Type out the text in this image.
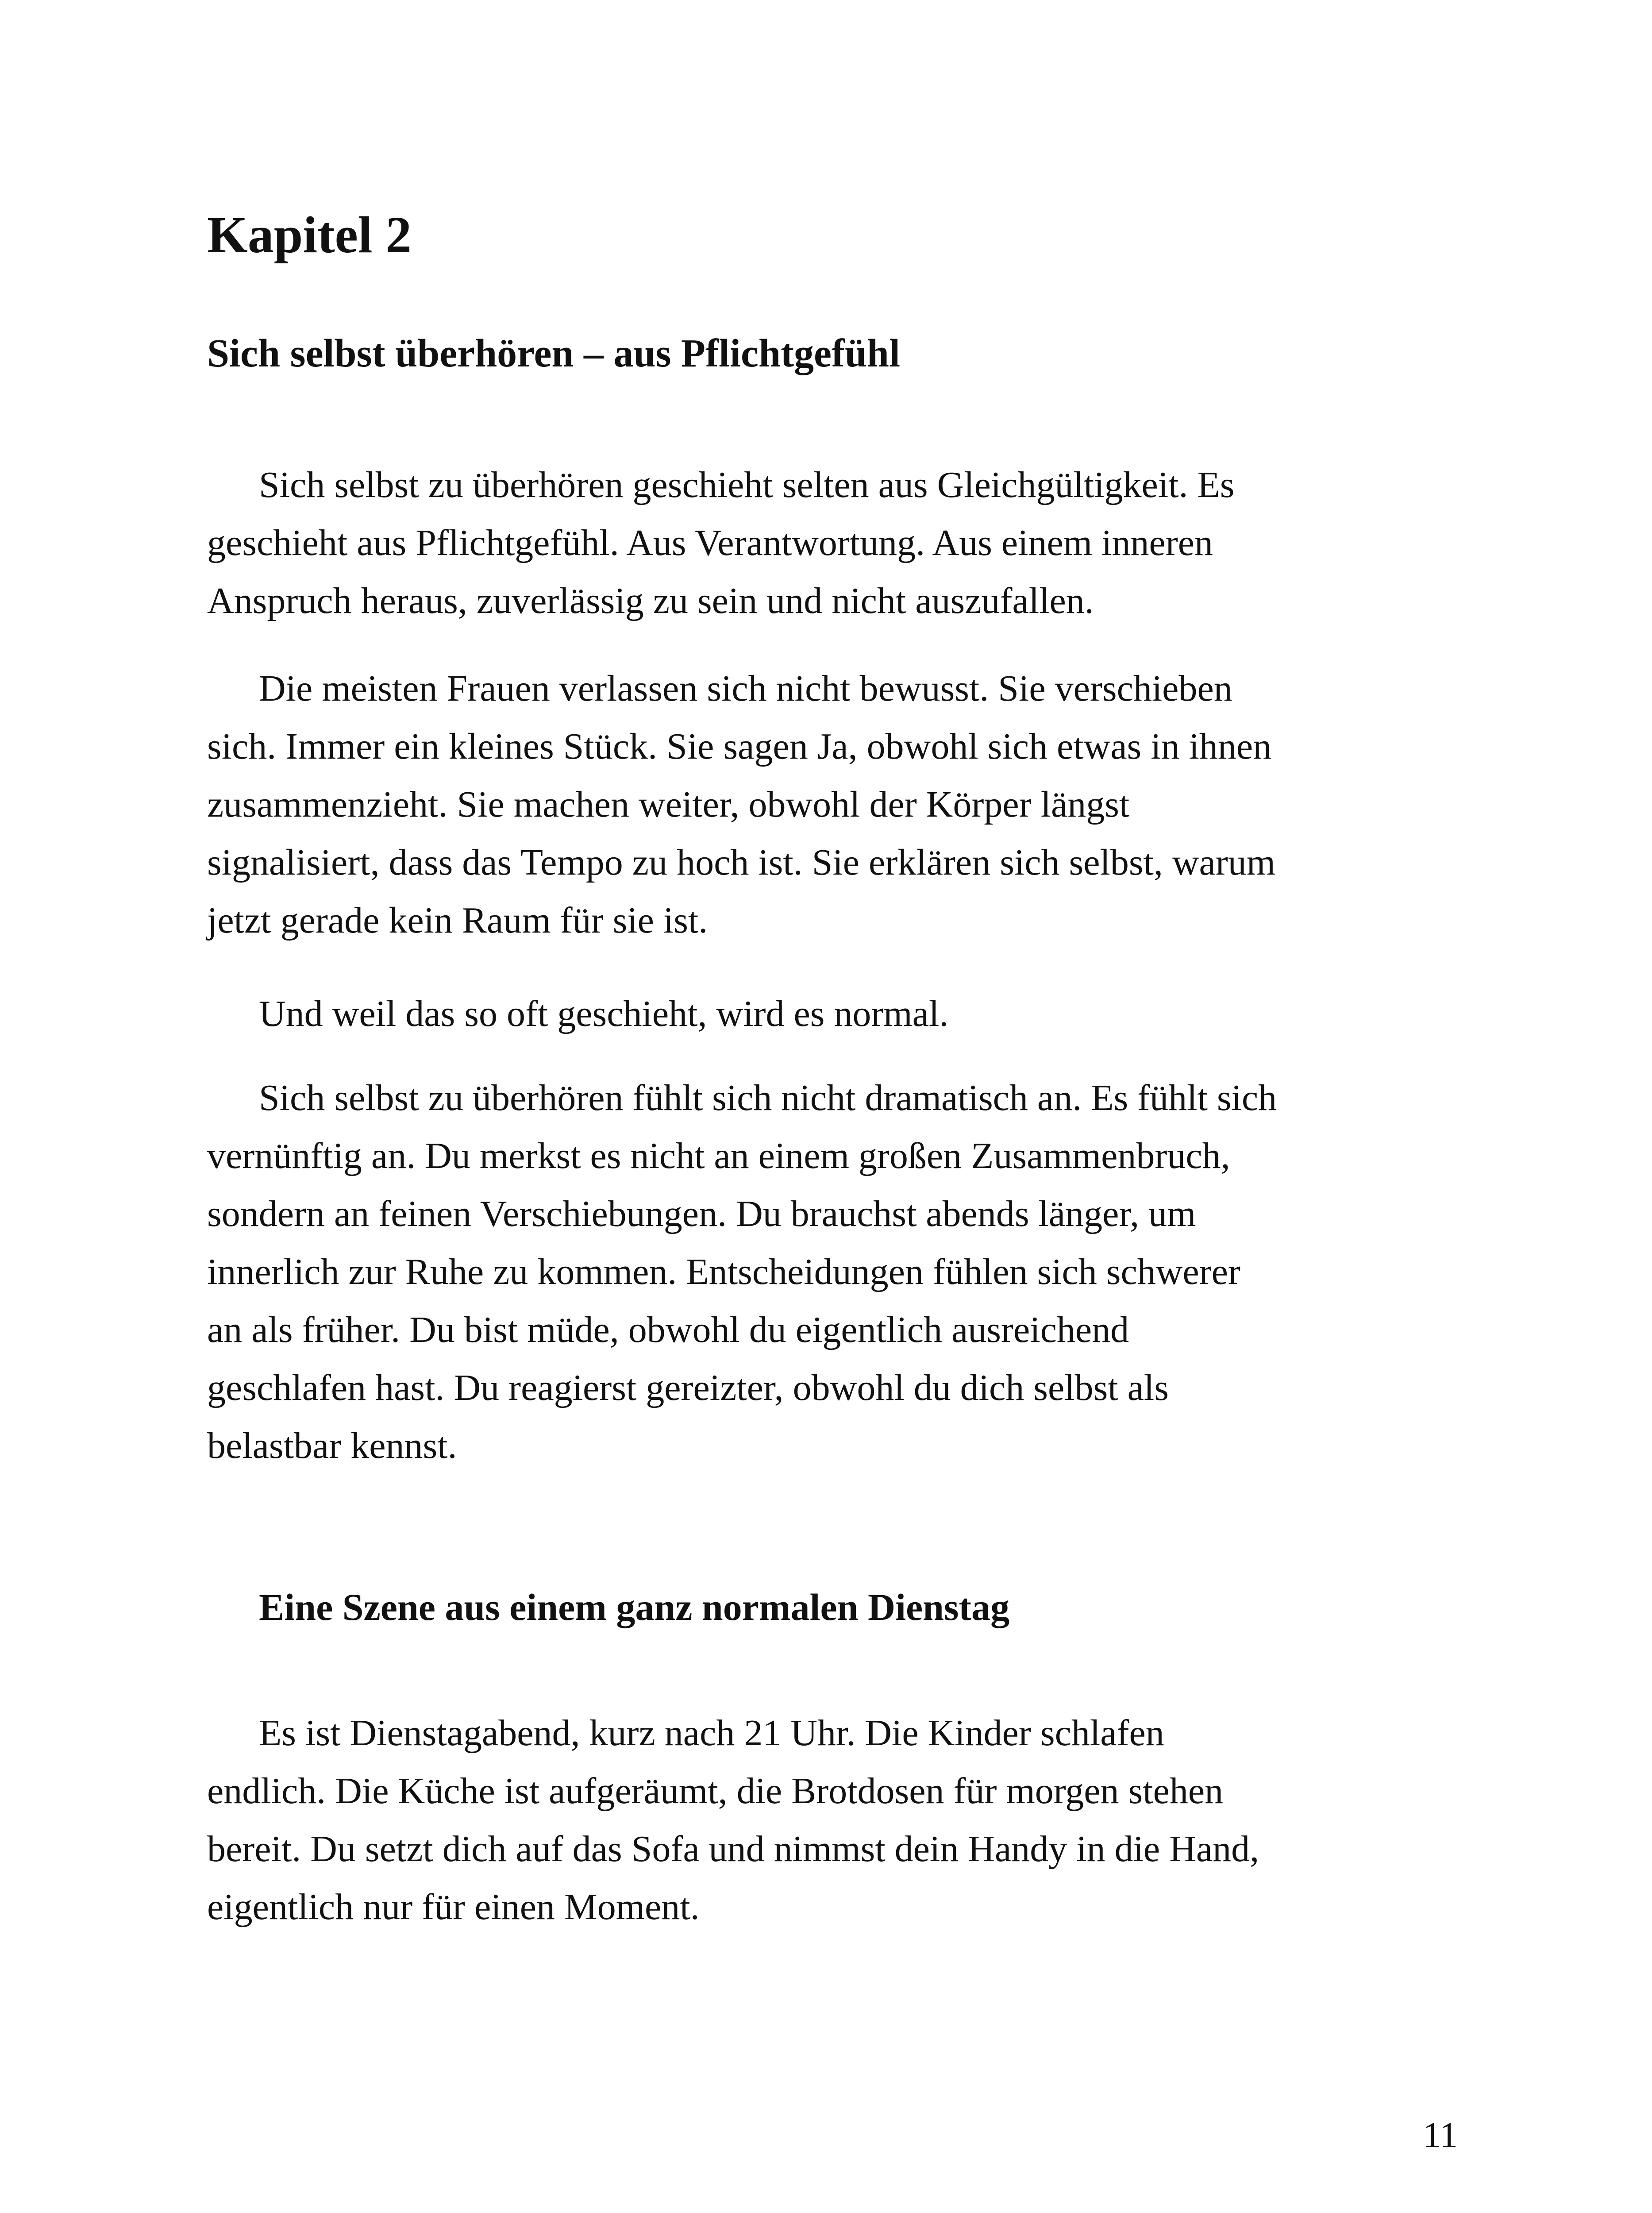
Kapitel 2
Sich selbst überhören – aus Pflichtgefühl

Sich selbst zu überhören geschieht selten aus Gleichgültigkeit. Es

geschieht aus Pflichtgefühl. Aus Verantwortung. Aus einem inneren

Anspruch heraus, zuverlässig zu sein und nicht auszufallen.

Die meisten Frauen verlassen sich nicht bewusst. Sie verschieben

sich. Immer ein kleines Stück. Sie sagen Ja, obwohl sich etwas in ihnen

zusammenzieht. Sie machen weiter, obwohl der Körper längst

signalisiert, dass das Tempo zu hoch ist. Sie erklären sich selbst, warum

jetzt gerade kein Raum für sie ist.

Und weil das so oft geschieht, wird es normal.

Sich selbst zu überhören fühlt sich nicht dramatisch an. Es fühlt sich

vernünftig an. Du merkst es nicht an einem großen Zusammenbruch,

sondern an feinen Verschiebungen. Du brauchst abends länger, um

innerlich zur Ruhe zu kommen. Entscheidungen fühlen sich schwerer

an als früher. Du bist müde, obwohl du eigentlich ausreichend

geschlafen hast. Du reagierst gereizter, obwohl du dich selbst als

belastbar kennst.

Eine Szene aus einem ganz normalen Dienstag

Es ist Dienstagabend, kurz nach 21 Uhr. Die Kinder schlafen

endlich. Die Küche ist aufgeräumt, die Brotdosen für morgen stehen

bereit. Du setzt dich auf das Sofa und nimmst dein Handy in die Hand,

eigentlich nur für einen Moment.

11
